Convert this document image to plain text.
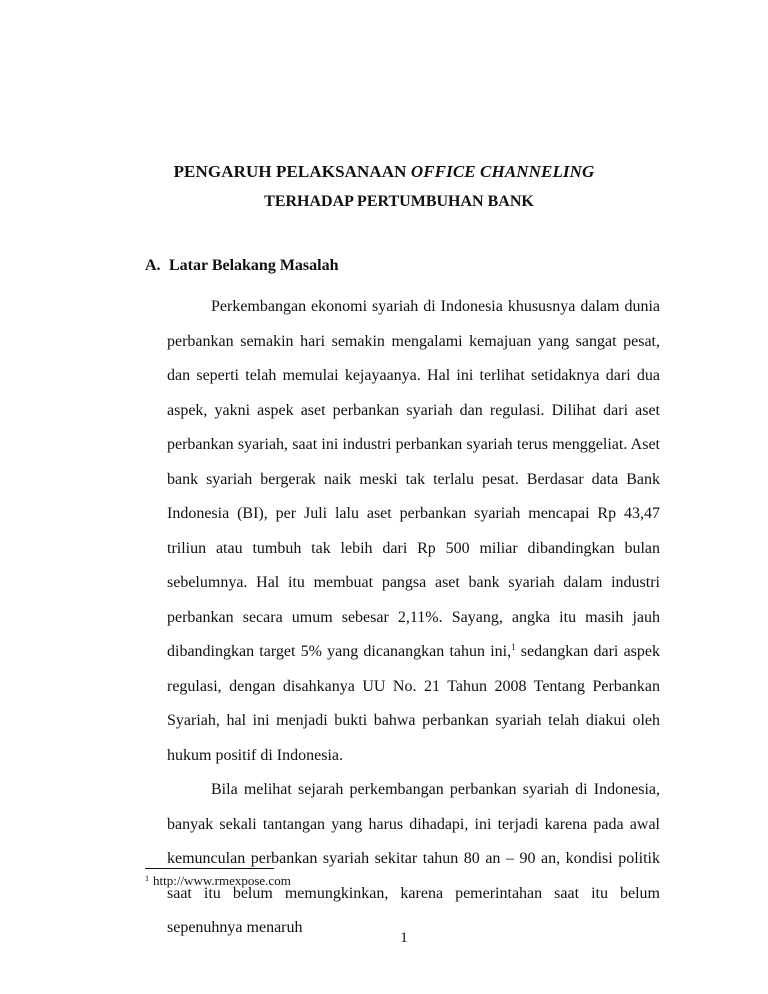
PENGARUH PELAKSANAAN OFFICE CHANNELING
TERHADAP PERTUMBUHAN BANK
A. Latar Belakang Masalah

Perkembangan ekonomi syariah di Indonesia khususnya dalam dunia perbankan semakin hari semakin mengalami kemajuan yang sangat pesat, dan seperti telah memulai kejayaanya. Hal ini terlihat setidaknya dari dua aspek, yakni aspek aset perbankan syariah dan regulasi. Dilihat dari aset perbankan syariah, saat ini industri perbankan syariah terus menggeliat. Aset bank syariah bergerak naik meski tak terlalu pesat. Berdasar data Bank Indonesia (BI), per Juli lalu aset perbankan syariah mencapai Rp 43,47 triliun atau tumbuh tak lebih dari Rp 500 miliar dibandingkan bulan sebelumnya. Hal itu membuat pangsa aset bank syariah dalam industri perbankan secara umum sebesar 2,11%. Sayang, angka itu masih jauh dibandingkan target 5% yang dicanangkan tahun ini,$^1$ sedangkan dari aspek regulasi, dengan disahkanya UU No. 21 Tahun 2008 Tentang Perbankan Syariah, hal ini menjadi bukti bahwa perbankan syariah telah diakui oleh hukum positif di Indonesia.

Bila melihat sejarah perkembangan perbankan syariah di Indonesia, banyak sekali tantangan yang harus dihadapi, ini terjadi karena pada awal kemunculan perbankan syariah sekitar tahun 80 an – 90 an, kondisi politik saat itu belum memungkinkan, karena pemerintahan saat itu belum sepenuhnya menaruh

$^1$ http://www.rmexpose.com
1
